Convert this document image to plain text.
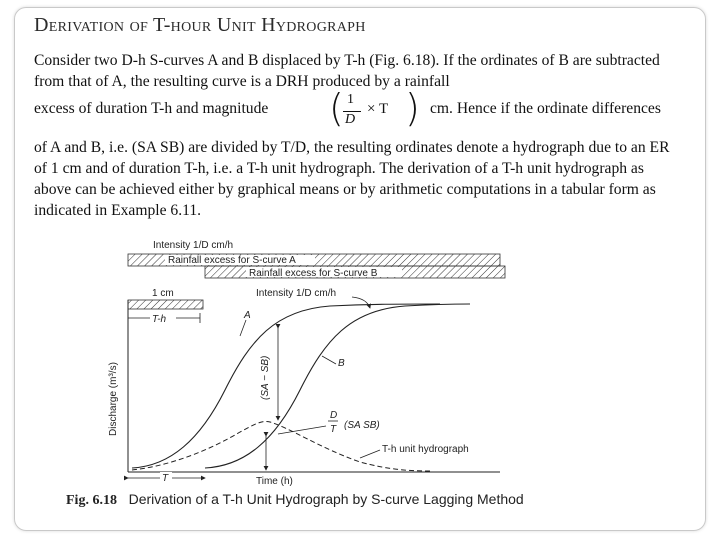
Derivation of T-hour Unit Hydrograph
Consider two D-h S-curves A and B displaced by T-h (Fig. 6.18). If the ordinates of B are subtracted from that of A, the resulting curve is a DRH produced by a rainfall
excess of duration T-h and magnitude ( 1
D
× T ) cm. Hence if the ordinate differences
of A and B, i.e. (SA SB) are divided by T/D, the resulting ordinates denote a hydrograph due to an ER of 1 cm and of duration T-h, i.e. a T-h unit hydrograph. The derivation of a T-h unit hydrograph as above can be achieved either by graphical means or by arithmetic computations in a tabular form as indicated in Example 6.11.
Intensity 1/D cm/h
Rainfall excess for S-curve A
Rainfall excess for S-curve B
1 cm	Intensity 1/D cm/h
T-h
Discharge (m³/s)
A
B
(SA − SB)
D
T (SA SB)
T-h unit hydrograph
T	Time (h)
Fig. 6.18 Derivation of a T-h Unit Hydrograph by S-curve Lagging Method
